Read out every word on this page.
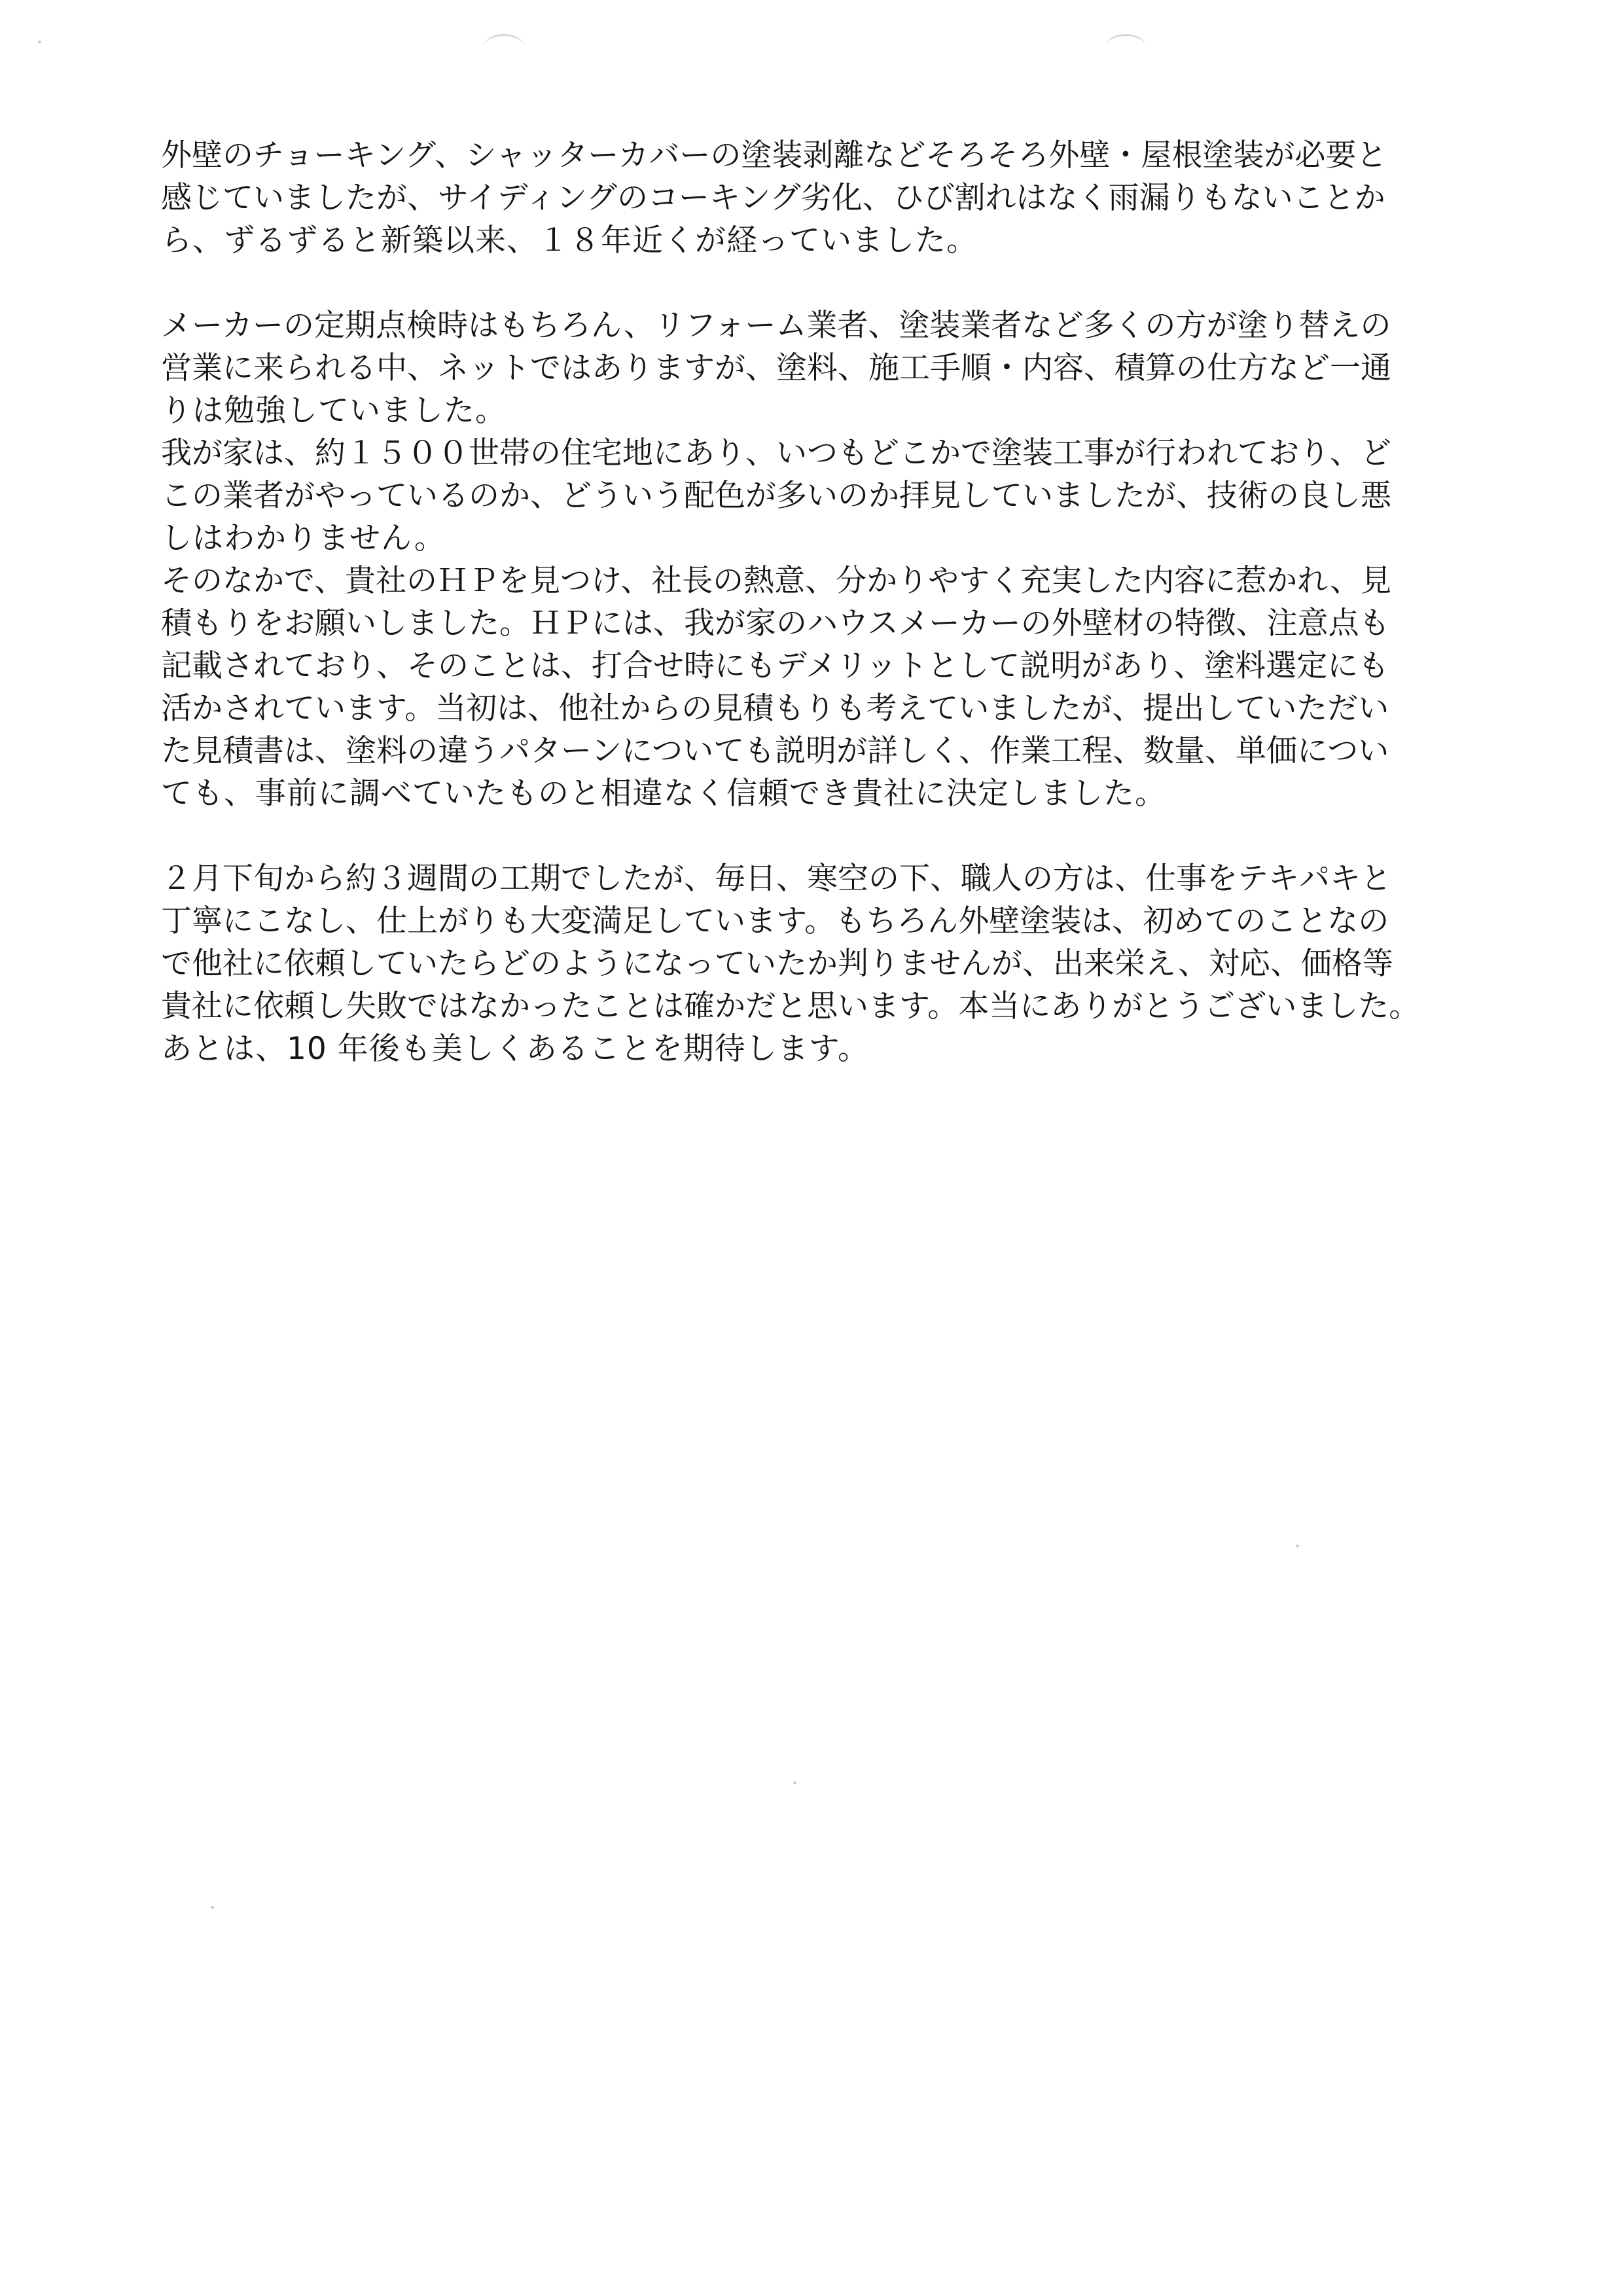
外壁のチョーキング、シャッターカバーの塗装剥離などそろそろ外壁・屋根塗装が必要と
感じていましたが、サイディングのコーキング劣化、ひび割れはなく雨漏りもないことか
ら、ずるずると新築以来、１８年近くが経っていました。
メーカーの定期点検時はもちろん、リフォーム業者、塗装業者など多くの方が塗り替えの
営業に来られる中、ネットではありますが、塗料、施工手順・内容、積算の仕方など一通
りは勉強していました。
我が家は、約１５００世帯の住宅地にあり、いつもどこかで塗装工事が行われており、ど
この業者がやっているのか、どういう配色が多いのか拝見していましたが、技術の良し悪
しはわかりません。
そのなかで、貴社のＨＰを見つけ、社長の熱意、分かりやすく充実した内容に惹かれ、見
積もりをお願いしました。ＨＰには、我が家のハウスメーカーの外壁材の特徴、注意点も
記載されており、そのことは、打合せ時にもデメリットとして説明があり、塗料選定にも
活かされています。当初は、他社からの見積もりも考えていましたが、提出していただい
た見積書は、塗料の違うパターンについても説明が詳しく、作業工程、数量、単価につい
ても、事前に調べていたものと相違なく信頼でき貴社に決定しました。
２月下旬から約３週間の工期でしたが、毎日、寒空の下、職人の方は、仕事をテキパキと
丁寧にこなし、仕上がりも大変満足しています。もちろん外壁塗装は、初めてのことなの
で他社に依頼していたらどのようになっていたか判りませんが、出来栄え、対応、価格等
貴社に依頼し失敗ではなかったことは確かだと思います。本当にありがとうございました。
あとは、10 年後も美しくあることを期待します。
